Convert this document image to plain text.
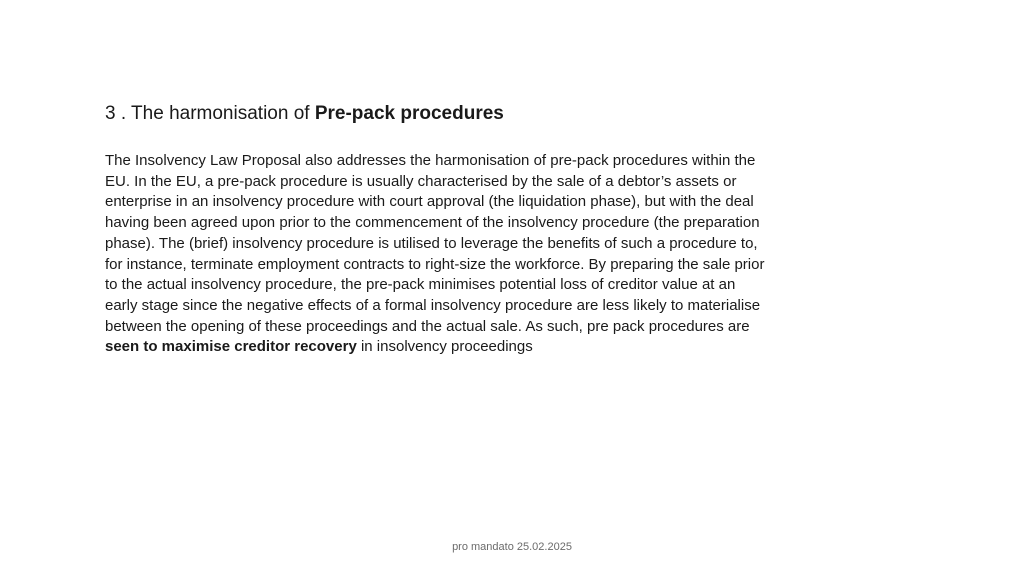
3 . The harmonisation of Pre-pack procedures
The Insolvency Law Proposal also addresses the harmonisation of pre-pack procedures within the
EU. In the EU, a pre-pack procedure is usually characterised by the sale of a debtor’s assets or
enterprise in an insolvency procedure with court approval (the liquidation phase), but with the deal
having been agreed upon prior to the commencement of the insolvency procedure (the preparation
phase). The (brief) insolvency procedure is utilised to leverage the benefits of such a procedure to,
for instance, terminate employment contracts to right-size the workforce. By preparing the sale prior
to the actual insolvency procedure, the pre-pack minimises potential loss of creditor value at an
early stage since the negative effects of a formal insolvency procedure are less likely to materialise
between the opening of these proceedings and the actual sale. As such, pre pack procedures are
seen to maximise creditor recovery in insolvency proceedings
pro mandato 25.02.2025
